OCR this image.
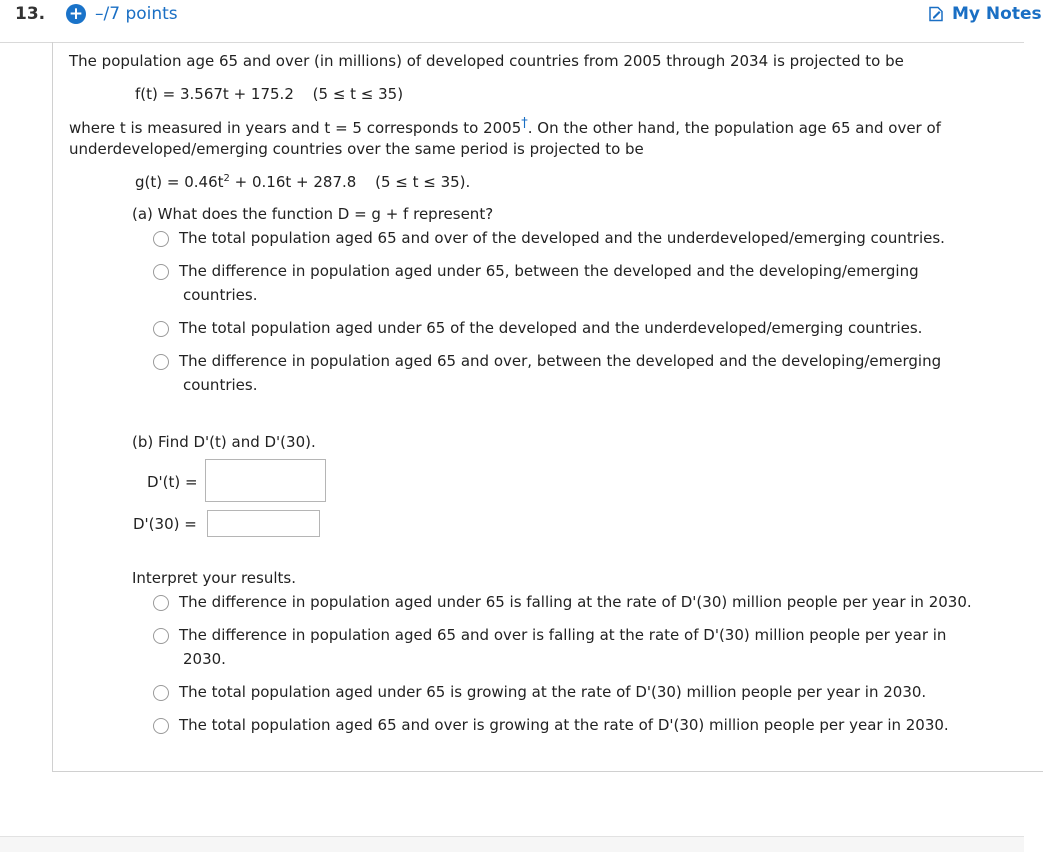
13. + –/7 points	My Notes
The population age 65 and over (in millions) of developed countries from 2005 through 2034 is projected to be
f(t) = 3.567t + 175.2 (5 ≤ t ≤ 35)
where t is measured in years and t = 5 corresponds to 2005†. On the other hand, the population age 65 and over of
underdeveloped/emerging countries over the same period is projected to be
$g(t) = 0.46t^2 + 0.16t + 287.8$ (5 ≤ t ≤ 35).
(a) What does the function D = g + f represent?
The total population aged 65 and over of the developed and the underdeveloped/emerging countries.
The difference in population aged under 65, between the developed and the developing/emerging
countries.
The total population aged under 65 of the developed and the underdeveloped/emerging countries.
The difference in population aged 65 and over, between the developed and the developing/emerging
countries.
(b) Find D'(t) and D'(30).
D'(t) =
D'(30) =
Interpret your results.
The difference in population aged under 65 is falling at the rate of D'(30) million people per year in 2030.
The difference in population aged 65 and over is falling at the rate of D'(30) million people per year in
2030.
The total population aged under 65 is growing at the rate of D'(30) million people per year in 2030.
The total population aged 65 and over is growing at the rate of D'(30) million people per year in 2030.
